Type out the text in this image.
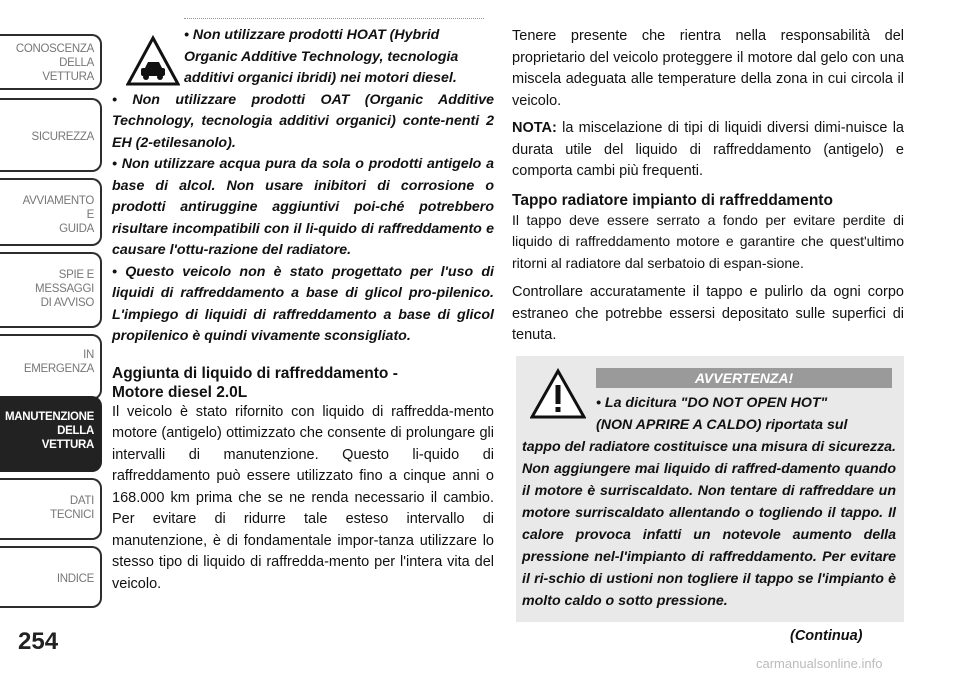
CONOSCENZA
DELLA
VETTURA
SICUREZZA
AVVIAMENTO
E
GUIDA
SPIE E
MESSAGGI
DI AVVISO
IN
EMERGENZA
MANUTENZIONE
DELLA
VETTURA
DATI
TECNICI
INDICE
254
• Non utilizzare prodotti HOAT (Hybrid
Organic Additive Technology, tecnologia
additivi organici ibridi) nei motori diesel.
• Non utilizzare prodotti OAT (Organic Additive Technology, tecnologia additivi organici) conte-nenti 2 EH (2-etilesanolo).
• Non utilizzare acqua pura da sola o prodotti antigelo a base di alcol. Non usare inibitori di corrosione o prodotti antiruggine aggiuntivi poi-ché potrebbero risultare incompatibili con il li-quido di raffreddamento e causare l'ottu-razione del radiatore.
• Questo veicolo non è stato progettato per l'uso di liquidi di raffreddamento a base di glicol pro-pilenico. L'impiego di liquidi di raffreddamento a base di glicol propilenico è quindi vivamente sconsigliato.
Aggiunta di liquido di raffreddamento -
Motore diesel 2.0L
Il veicolo è stato rifornito con liquido di raffredda-mento motore (antigelo) ottimizzato che consente di prolungare gli intervalli di manutenzione. Questo li-quido di raffreddamento può essere utilizzato fino a cinque anni o 168.000 km prima che se ne renda necessario il cambio. Per evitare di ridurre tale esteso intervallo di manutenzione, è di fondamentale impor-tanza utilizzare lo stesso tipo di liquido di raffredda-mento per l'intera vita del veicolo.
Tenere presente che rientra nella responsabilità del proprietario del veicolo proteggere il motore dal gelo con una miscela adeguata alle temperature della zona in cui circola il veicolo.
NOTA: la miscelazione di tipi di liquidi diversi dimi-nuisce la durata utile del liquido di raffreddamento (antigelo) e comporta cambi più frequenti.
Tappo radiatore impianto di raffreddamento
Il tappo deve essere serrato a fondo per evitare perdite di liquido di raffreddamento motore e garantire che quest'ultimo ritorni al radiatore dal serbatoio di espan-sione.
Controllare accuratamente il tappo e pulirlo da ogni corpo estraneo che potrebbe essersi depositato sulle superfici di tenuta.
AVVERTENZA!
• La dicitura "DO NOT OPEN HOT"
(NON APRIRE A CALDO) riportata sul
tappo del radiatore costituisce una misura di sicurezza. Non aggiungere mai liquido di raffred-damento quando il motore è surriscaldato. Non tentare di raffreddare un motore surriscaldato allentando o togliendo il tappo. Il calore provoca infatti un notevole aumento della pressione nel-l'impianto di raffreddamento. Per evitare il ri-schio di ustioni non togliere il tappo se l'impianto è molto caldo o sotto pressione.
(Continua)
carmanualsonline.info
